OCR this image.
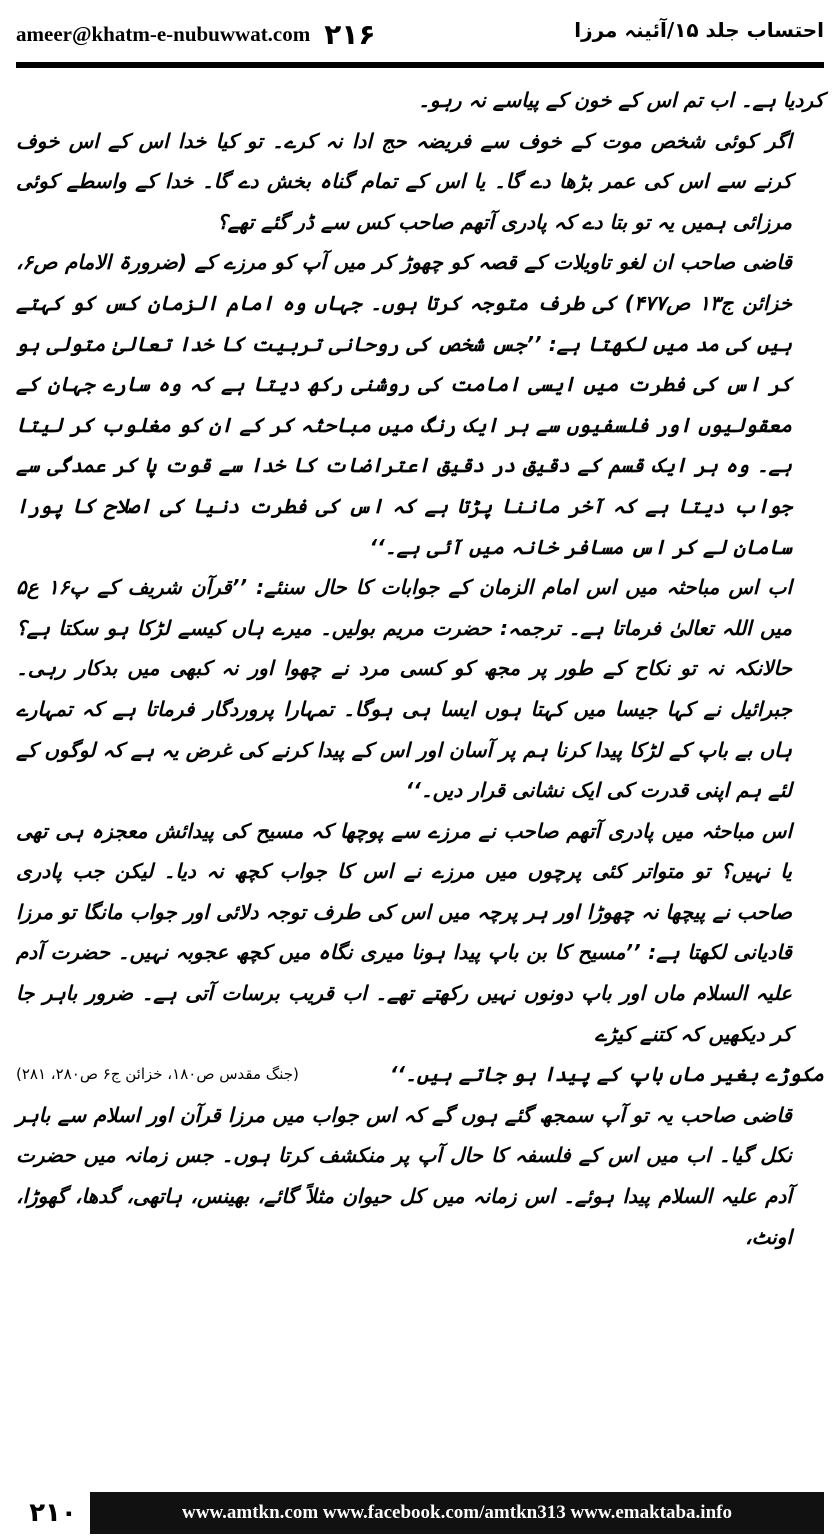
ameer@khatm-e-nubuwwat.com ۲۱۶	احتساب جلد ۱۵/آئینہ مرزا

کردیا ہے۔ اب تم اس کے خون کے پیاسے نہ رہو۔

اگر کوئی شخص موت کے خوف سے فریضہ حج ادا نہ کرے۔ تو کیا خدا اس کے اس خوف کرنے سے اس کی عمر بڑھا دے گا۔ یا اس کے تمام گناہ بخش دے گا۔ خدا کے واسطے کوئی مرزائی ہمیں یہ تو بتا دے کہ پادری آتھم صاحب کس سے ڈر گئے تھے؟

قاضی صاحب ان لغو تاویلات کے قصہ کو چھوڑ کر میں آپ کو مرزے کے (ضرورۃ الامام ص۶، خزائن ج۱۳ ص۴۷۷) کی طرف متوجہ کرتا ہوں۔ جہاں وہ امام الزمان کس کو کہتے ہیں کی مد میں لکھتا ہے: ’’جس شخص کی روحانی تربیت کا خدا تعالیٰ متولی ہو کر اس کی فطرت میں ایسی امامت کی روشنی رکھ دیتا ہے کہ وہ سارے جہان کے معقولیوں اور فلسفیوں سے ہر ایک رنگ میں مباحثہ کر کے ان کو مغلوب کر لیتا ہے۔ وہ ہر ایک قسم کے دقیق در دقیق اعتراضات کا خدا سے قوت پا کر عمدگی سے جواب دیتا ہے کہ آخر ماننا پڑتا ہے کہ اس کی فطرت دنیا کی اصلاح کا پورا سامان لے کر اس مسافر خانہ میں آئی ہے۔‘‘

اب اس مباحثہ میں اس امام الزمان کے جوابات کا حال سنئے: ’’قرآن شریف کے پ۱۶ ع۵ میں اللہ تعالیٰ فرماتا ہے۔ ترجمہ: حضرت مریم بولیں۔ میرے ہاں کیسے لڑکا ہو سکتا ہے؟ حالانکہ نہ تو نکاح کے طور پر مجھ کو کسی مرد نے چھوا اور نہ کبھی میں بدکار رہی۔ جبرائیل نے کہا جیسا میں کہتا ہوں ایسا ہی ہوگا۔ تمہارا پروردگار فرماتا ہے کہ تمہارے ہاں بے باپ کے لڑکا پیدا کرنا ہم پر آسان اور اس کے پیدا کرنے کی غرض یہ ہے کہ لوگوں کے لئے ہم اپنی قدرت کی ایک نشانی قرار دیں۔‘‘

اس مباحثہ میں پادری آتھم صاحب نے مرزے سے پوچھا کہ مسیح کی پیدائش معجزہ ہی تھی یا نہیں؟ تو متواتر کئی پرچوں میں مرزے نے اس کا جواب کچھ نہ دیا۔ لیکن جب پادری صاحب نے پیچھا نہ چھوڑا اور ہر پرچہ میں اس کی طرف توجہ دلائی اور جواب مانگا تو مرزا قادیانی لکھتا ہے: ’’مسیح کا بن باپ پیدا ہونا میری نگاہ میں کچھ عجوبہ نہیں۔ حضرت آدم علیہ السلام ماں اور باپ دونوں نہیں رکھتے تھے۔ اب قریب برسات آتی ہے۔ ضرور باہر جا کر دیکھیں کہ کتنے کیڑے

مکوڑے بغیر ماں باپ کے پیدا ہو جاتے ہیں۔‘‘
(جنگ مقدس ص۱۸۰، خزائن ج۶ ص۲۸۰، ۲۸۱)

قاضی صاحب یہ تو آپ سمجھ گئے ہوں گے کہ اس جواب میں مرزا قرآن اور اسلام سے باہر نکل گیا۔ اب میں اس کے فلسفہ کا حال آپ پر منکشف کرتا ہوں۔ جس زمانہ میں حضرت آدم علیہ السلام پیدا ہوئے۔ اس زمانہ میں کل حیوان مثلاً گائے، بھینس، ہاتھی، گدھا، گھوڑا، اونٹ،

۲۱۰	www.amtkn.com www.facebook.com/amtkn313 www.emaktaba.info
